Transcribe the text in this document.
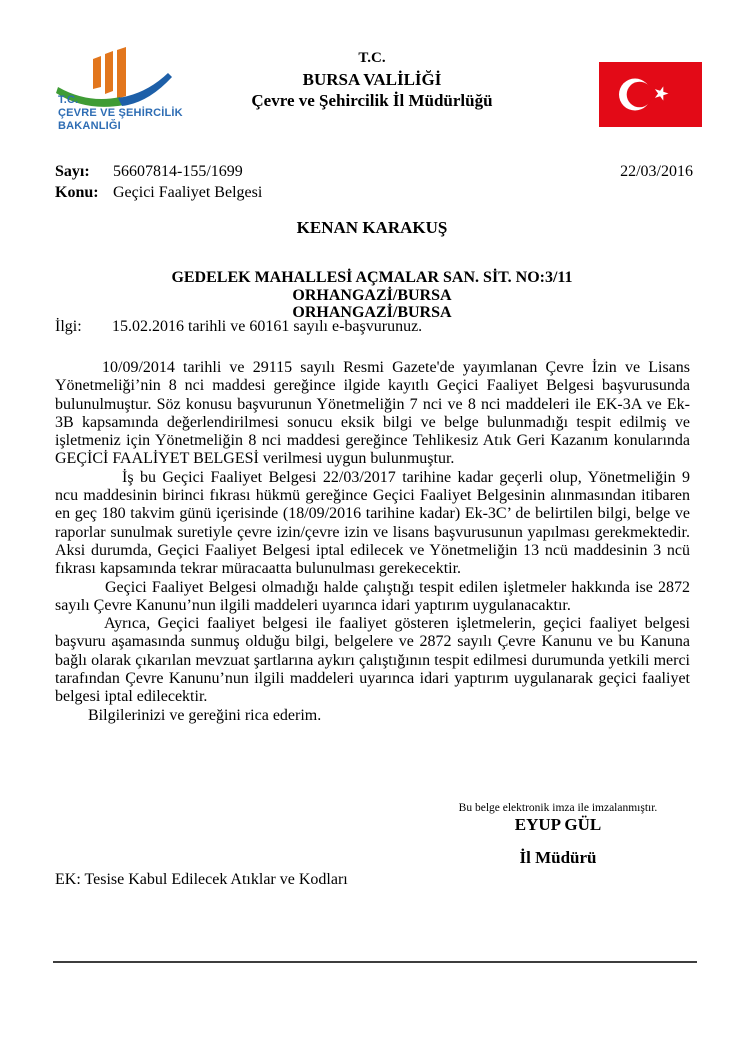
T.C.
ÇEVRE VE ŞEHİRCİLİK
BAKANLIĞI
T.C.
BURSA VALİLİĞİ
Çevre ve Şehircilik İl Müdürlüğü
Sayı:	56607814-155/1699
Konu: Geçici Faaliyet Belgesi
22/03/2016
KENAN KARAKUŞ
GEDELEK MAHALLESİ AÇMALAR SAN. SİT. NO:3/11
ORHANGAZİ/BURSA
ORHANGAZİ/BURSA
İlgi:	15.02.2016 tarihli ve 60161 sayılı e-başvurunuz.

10/09/2014 tarihli ve 29115 sayılı Resmi Gazete'de yayımlanan Çevre İzin ve Lisans Yönetmeliği’nin 8 nci maddesi gereğince ilgide kayıtlı Geçici Faaliyet Belgesi başvurusunda bulunulmuştur. Söz konusu başvurunun Yönetmeliğin 7 nci ve 8 nci maddeleri ile EK-3A ve Ek-3B kapsamında değerlendirilmesi sonucu eksik bilgi ve belge bulunmadığı tespit edilmiş ve işletmeniz için Yönetmeliğin 8 nci maddesi gereğince Tehlikesiz Atık Geri Kazanım konularında GEÇİCİ FAALİYET BELGESİ verilmesi uygun bulunmuştur.

İş bu Geçici Faaliyet Belgesi 22/03/2017 tarihine kadar geçerli olup, Yönetmeliğin 9 ncu maddesinin birinci fıkrası hükmü gereğince Geçici Faaliyet Belgesinin alınmasından itibaren en geç 180 takvim günü içerisinde (18/09/2016 tarihine kadar) Ek-3C’ de belirtilen bilgi, belge ve raporlar sunulmak suretiyle çevre izin/çevre izin ve lisans başvurusunun yapılması gerekmektedir. Aksi durumda, Geçici Faaliyet Belgesi iptal edilecek ve Yönetmeliğin 13 ncü maddesinin 3 ncü fıkrası kapsamında tekrar müracaatta bulunulması gerekecektir.

Geçici Faaliyet Belgesi olmadığı halde çalıştığı tespit edilen işletmeler hakkında ise 2872 sayılı Çevre Kanunu’nun ilgili maddeleri uyarınca idari yaptırım uygulanacaktır.

Ayrıca, Geçici faaliyet belgesi ile faaliyet gösteren işletmelerin, geçici faaliyet belgesi başvuru aşamasında sunmuş olduğu bilgi, belgelere ve 2872 sayılı Çevre Kanunu ve bu Kanuna bağlı olarak çıkarılan mevzuat şartlarına aykırı çalıştığının tespit edilmesi durumunda yetkili merci tarafından Çevre Kanunu’nun ilgili maddeleri uyarınca idari yaptırım uygulanarak geçici faaliyet belgesi iptal edilecektir.

Bilgilerinizi ve gereğini rica ederim.

Bu belge elektronik imza ile imzalanmıştır.
EYUP GÜL
İl Müdürü
EK: Tesise Kabul Edilecek Atıklar ve Kodları
